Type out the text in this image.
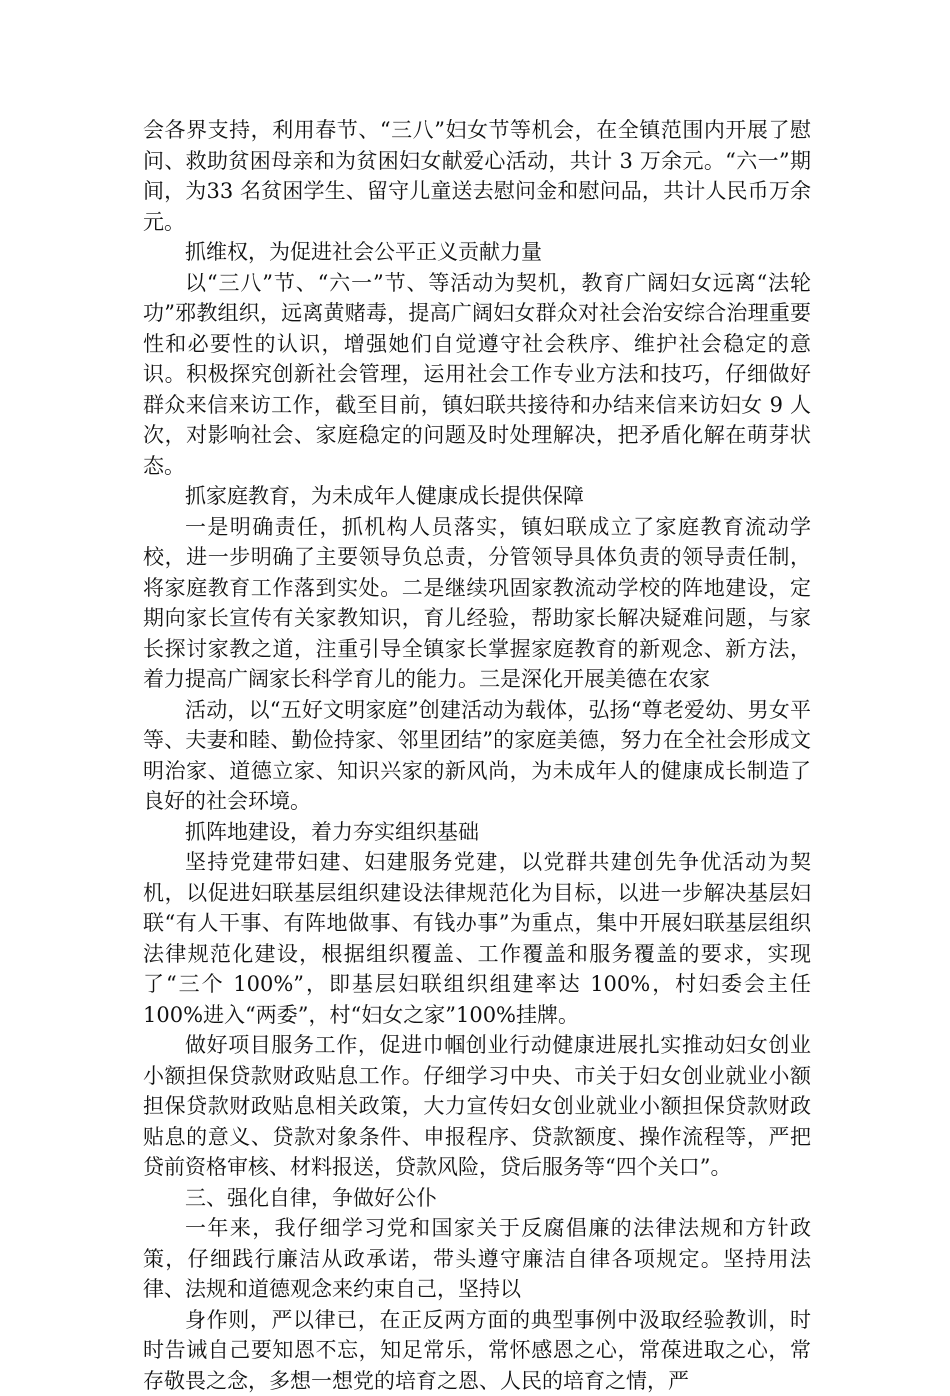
会各界支持，利用春节、“三八”妇女节等机会，在全镇范围内开展了慰问、救助贫困母亲和为贫困妇女献爱心活动，共计 3 万余元。“六一”期间，为33 名贫困学生、留守儿童送去慰问金和慰问品，共计人民币万余元。

抓维权，为促进社会公平正义贡献力量

以“三八”节、“六一”节、等活动为契机，教育广阔妇女远离“法轮功”邪教组织，远离黄赌毒，提高广阔妇女群众对社会治安综合治理重要性和必要性的认识，增强她们自觉遵守社会秩序、维护社会稳定的意识。积极探究创新社会管理，运用社会工作专业方法和技巧，仔细做好群众来信来访工作，截至目前，镇妇联共接待和办结来信来访妇女 9 人次，对影响社会、家庭稳定的问题及时处理解决，把矛盾化解在萌芽状态。

抓家庭教育，为未成年人健康成长提供保障

一是明确责任，抓机构人员落实，镇妇联成立了家庭教育流动学校，进一步明确了主要领导负总责，分管领导具体负责的领导责任制，将家庭教育工作落到实处。二是继续巩固家教流动学校的阵地建设，定期向家长宣传有关家教知识，育儿经验，帮助家长解决疑难问题，与家长探讨家教之道，注重引导全镇家长掌握家庭教育的新观念、新方法，着力提高广阔家长科学育儿的能力。三是深化开展美德在农家

活动，以“五好文明家庭”创建活动为载体，弘扬“尊老爱幼、男女平等、夫妻和睦、勤俭持家、邻里团结”的家庭美德，努力在全社会形成文明治家、道德立家、知识兴家的新风尚，为未成年人的健康成长制造了良好的社会环境。

抓阵地建设，着力夯实组织基础

坚持党建带妇建、妇建服务党建，以党群共建创先争优活动为契机，以促进妇联基层组织建设法律规范化为目标，以进一步解决基层妇联“有人干事、有阵地做事、有钱办事”为重点，集中开展妇联基层组织法律规范化建设，根据组织覆盖、工作覆盖和服务覆盖的要求，实现了“三个 100%”，即基层妇联组织组建率达 100%，村妇委会主任 100%进入“两委”，村“妇女之家”100%挂牌。

做好项目服务工作，促进巾帼创业行动健康进展扎实推动妇女创业小额担保贷款财政贴息工作。仔细学习中央、市关于妇女创业就业小额担保贷款财政贴息相关政策，大力宣传妇女创业就业小额担保贷款财政贴息的意义、贷款对象条件、申报程序、贷款额度、操作流程等，严把贷前资格审核、材料报送，贷款风险，贷后服务等“四个关口”。

三、强化自律，争做好公仆

一年来，我仔细学习党和国家关于反腐倡廉的法律法规和方针政策，仔细践行廉洁从政承诺，带头遵守廉洁自律各项规定。坚持用法律、法规和道德观念来约束自己，坚持以

身作则，严以律已，在正反两方面的典型事例中汲取经验教训，时时告诫自己要知恩不忘，知足常乐，常怀感恩之心，常葆进取之心，常存敬畏之念，多想一想党的培育之恩、人民的培育之情，严
